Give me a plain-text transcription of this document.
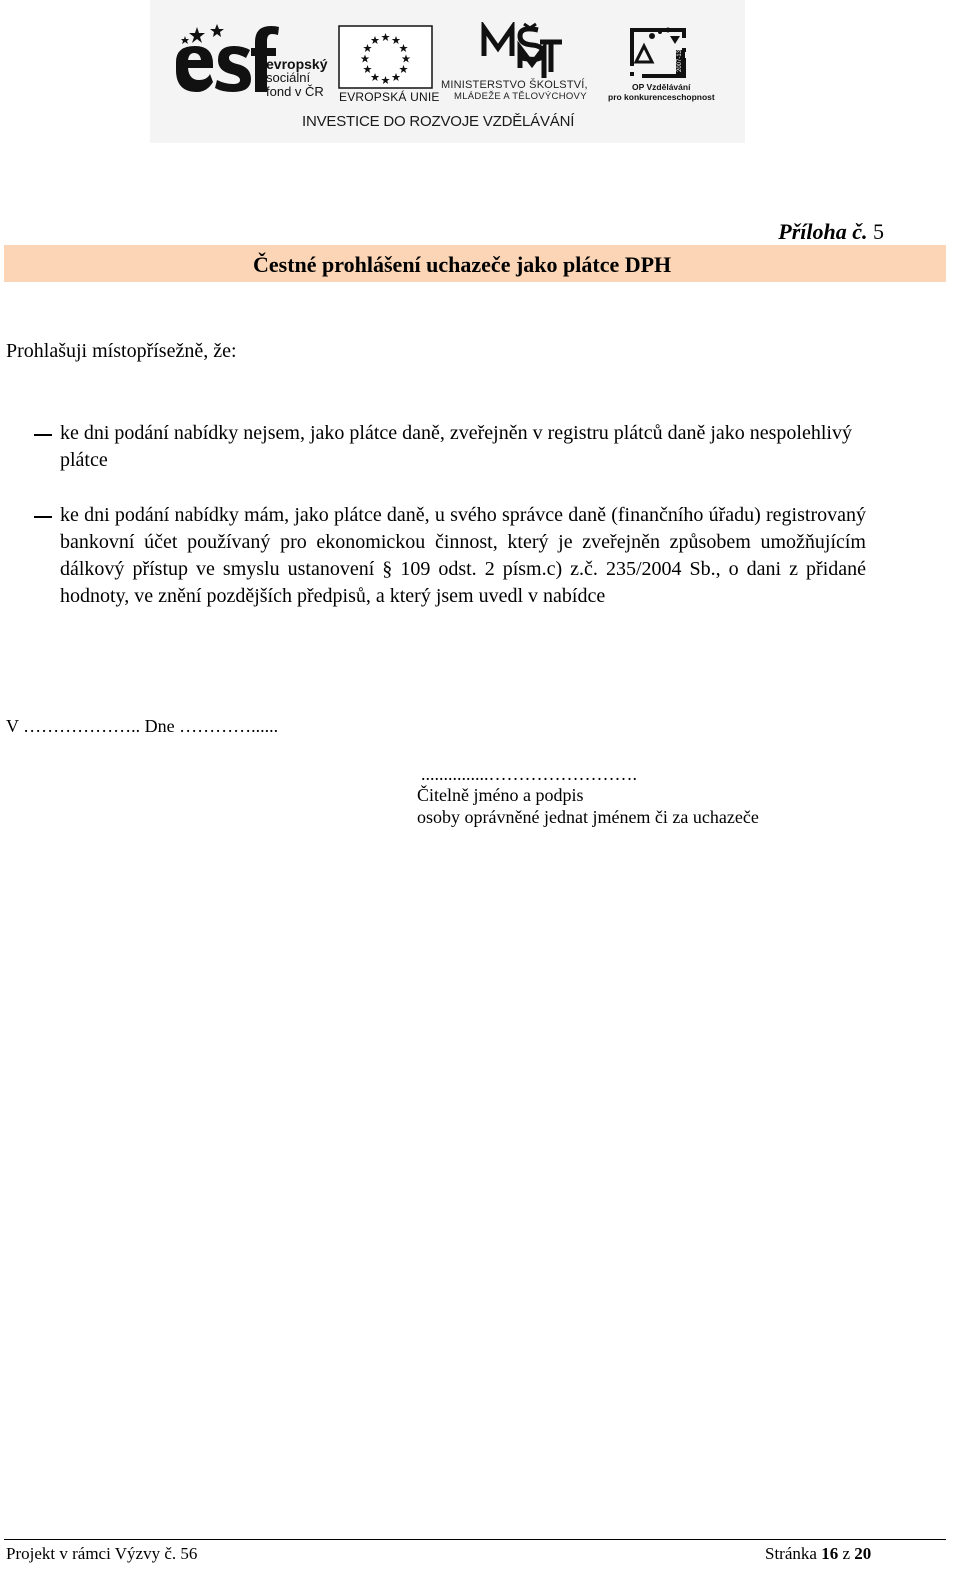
evropský
sociální
fond v ČR	EVROPSKÁ UNIE
MINISTERSTVO ŠKOLSTVÍ,
MLÁDEŽE A TĚLOVÝCHOVY
2007-13
OP Vzdělávání
pro konkurenceschopnost
INVESTICE DO ROZVOJE VZDĚLÁVÁNÍ
Příloha č. 5
Čestné prohlášení uchazeče jako plátce DPH
Prohlašuji místopřísežně, že:
ke dni podání nabídky nejsem, jako plátce daně, zveřejněn v registru plátců daně jako nespolehlivý plátce
ke dni podání nabídky mám, jako plátce daně, u svého správce daně (finančního úřadu) registrovaný bankovní účet používaný pro ekonomickou činnost, který je zveřejněn způsobem umožňujícím dálkový přístup ve smyslu ustanovení § 109 odst. 2 písm.c) z.č. 235/2004 Sb., o dani z přidané hodnoty, ve znění pozdějších předpisů, a který jsem uvedl v nabídce
V ……………….. Dne …………......
...............…………………….
Čitelně jméno a podpis
osoby oprávněné jednat jménem či za uchazeče
Projekt v rámci Výzvy č. 56	Stránka 16 z 20
